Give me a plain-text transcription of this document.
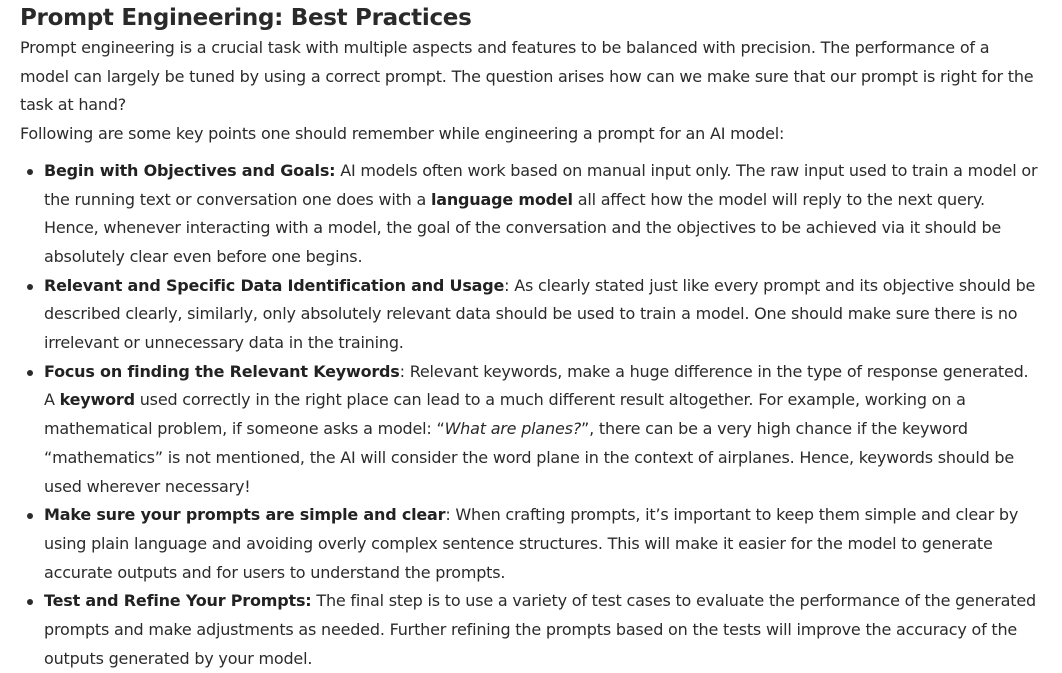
Prompt Engineering: Best Practices

Prompt engineering is a crucial task with multiple aspects and features to be balanced with precision. The performance of a model can largely be tuned by using a correct prompt. The question arises how can we make sure that our prompt is right for the task at hand?

Following are some key points one should remember while engineering a prompt for an AI model:

Begin with Objectives and Goals: AI models often work based on manual input only. The raw input used to train a model or the running text or conversation one does with a language model all affect how the model will reply to the next query. Hence, whenever interacting with a model, the goal of the conversation and the objectives to be achieved via it should be absolutely clear even before one begins.
Relevant and Specific Data Identification and Usage: As clearly stated just like every prompt and its objective should be described clearly, similarly, only absolutely relevant data should be used to train a model. One should make sure there is no irrelevant or unnecessary data in the training.
Focus on finding the Relevant Keywords: Relevant keywords, make a huge difference in the type of response generated. A keyword used correctly in the right place can lead to a much different result altogether. For example, working on a mathematical problem, if someone asks a model: “What are planes?”, there can be a very high chance if the keyword “mathematics” is not mentioned, the AI will consider the word plane in the context of airplanes. Hence, keywords should be used wherever necessary!
Make sure your prompts are simple and clear: When crafting prompts, it’s important to keep them simple and clear by using plain language and avoiding overly complex sentence structures. This will make it easier for the model to generate accurate outputs and for users to understand the prompts.
Test and Refine Your Prompts: The final step is to use a variety of test cases to evaluate the performance of the generated prompts and make adjustments as needed. Further refining the prompts based on the tests will improve the accuracy of the outputs generated by your model.
